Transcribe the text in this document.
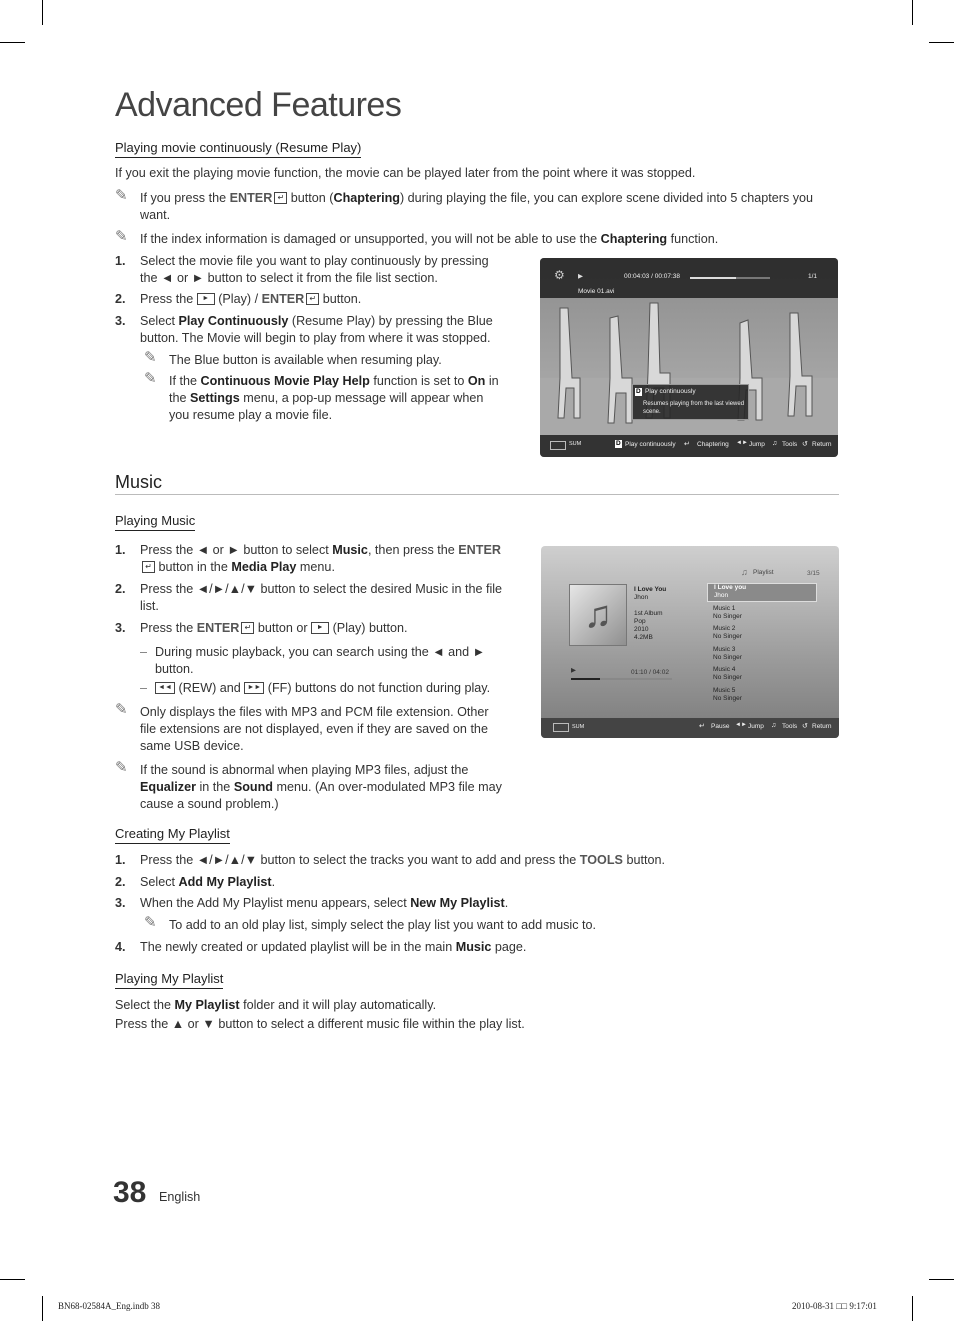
Advanced Features
Playing movie continuously (Resume Play)
If you exit the playing movie function, the movie can be played later from the point where it was stopped.
✎ If you press the ENTER ↵ button (Chaptering) during playing the file, you can explore scene divided into 5 chapters you want.
✎ If the index information is damaged or unsupported, you will not be able to use the Chaptering function.
1. Select the movie file you want to play continuously by pressing the ◄ or ► button to select it from the file list section.
2. Press the ► (Play) / ENTER ↵ button.
3. Select Play Continuously (Resume Play) by pressing the Blue button. The Movie will begin to play from where it was stopped.
✎ The Blue button is available when resuming play.
✎ If the Continuous Movie Play Help function is set to On in the Settings menu, a pop-up message will appear when you resume play a movie file.
⚙ ▶	00:04:03 / 00:07:38	1/1
Movie 01.avi
D Play continuously
Resumes playing from the last viewed scene.
SUM	D Play continuously ↵ Chaptering ◄► Jump ♫ Tools ↺ Return
Music
Playing Music
1. Press the ◄ or ► button to select Music, then press the ENTER↵ button in the Media Play menu.
2. Press the ◄/►/▲/▼ button to select the desired Music in the file list.
3. Press the ENTER ↵ button or ► (Play) button.
– During music playback, you can search using the ◄ and ► button.
– ◄◄ (REW) and ►► (FF) buttons do not function during play.
✎ Only displays the files with MP3 and PCM file extension. Other file extensions are not displayed, even if they are saved on the same USB device.
✎ If the sound is abnormal when playing MP3 files, adjust the Equalizer in the Sound menu. (An over-modulated MP3 file may cause a sound problem.)
♫ Playlist	3/15
♫
I Love You
Jhon
1st Album
Pop
2010
4.2MB
▶	01:10 / 04:02
I Love you
Jhon
Music 1
No Singer
Music 2
No Singer
Music 3
No Singer
Music 4
No Singer
Music 5
No Singer
SUM	↵ Pause ◄► Jump ♫ Tools ↺ Return
Creating My Playlist
1. Press the ◄/►/▲/▼ button to select the tracks you want to add and press the TOOLS button.
2. Select Add My Playlist.
3. When the Add My Playlist menu appears, select New My Playlist.
✎ To add to an old play list, simply select the play list you want to add music to.
4. The newly created or updated playlist will be in the main Music page.
Playing My Playlist
Select the My Playlist folder and it will play automatically.
Press the ▲ or ▼ button to select a different music file within the play list.
38 English
BN68-02584A_Eng.indb 38	2010-08-31 □□ 9:17:01
